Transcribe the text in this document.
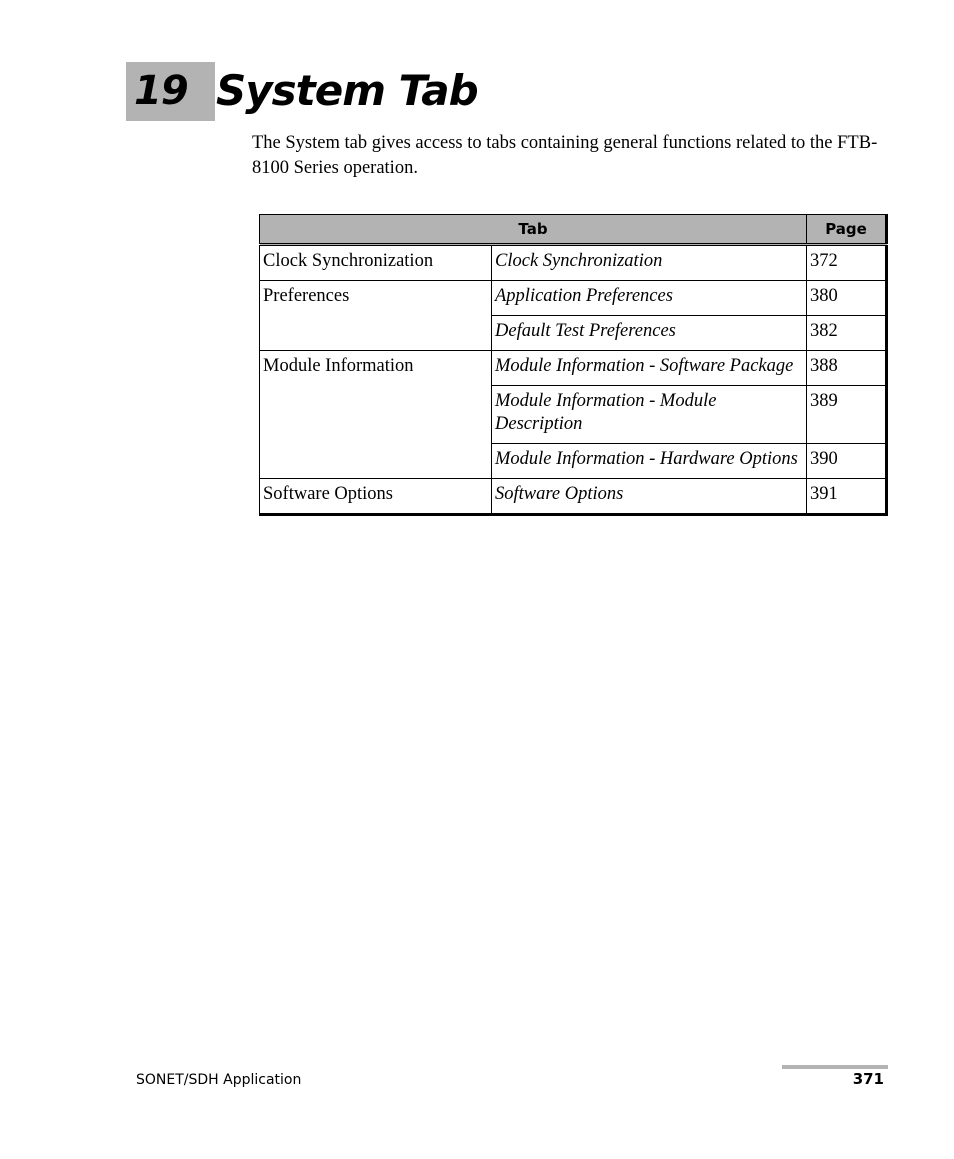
19 System Tab

The System tab gives access to tabs containing general functions related to the FTB-8100 Series operation.

Tab		Page
Clock Synchronization	Clock Synchronization	372
Preferences	Application Preferences	380
	Default Test Preferences	382
Module Information	Module Information - Software Package	388
	Module Information - Module Description	389
	Module Information - Hardware Options	390
Software Options	Software Options	391
SONET/SDH Application	371
